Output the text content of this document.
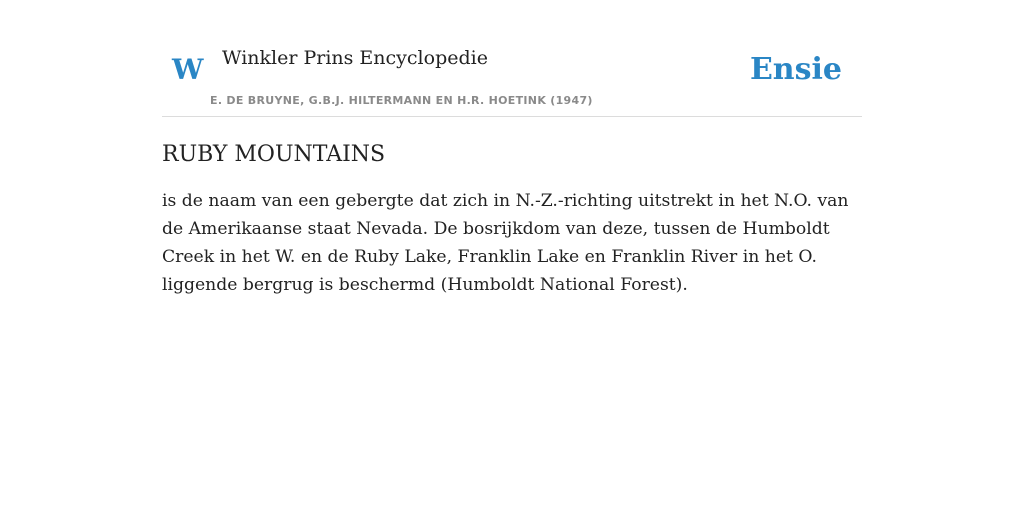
W Winkler Prins Encyclopedie
E. DE BRUYNE, G.B.J. HILTERMANN EN H.R. HOETINK (1947)
Ensie
RUBY MOUNTAINS

is de naam van een gebergte dat zich in N.-Z.-richting uitstrekt in het N.O. van de Amerikaanse staat Nevada. De bosrijkdom van deze, tussen de Humboldt Creek in het W. en de Ruby Lake, Franklin Lake en Franklin River in het O. liggende bergrug is beschermd (Humboldt National Forest).
